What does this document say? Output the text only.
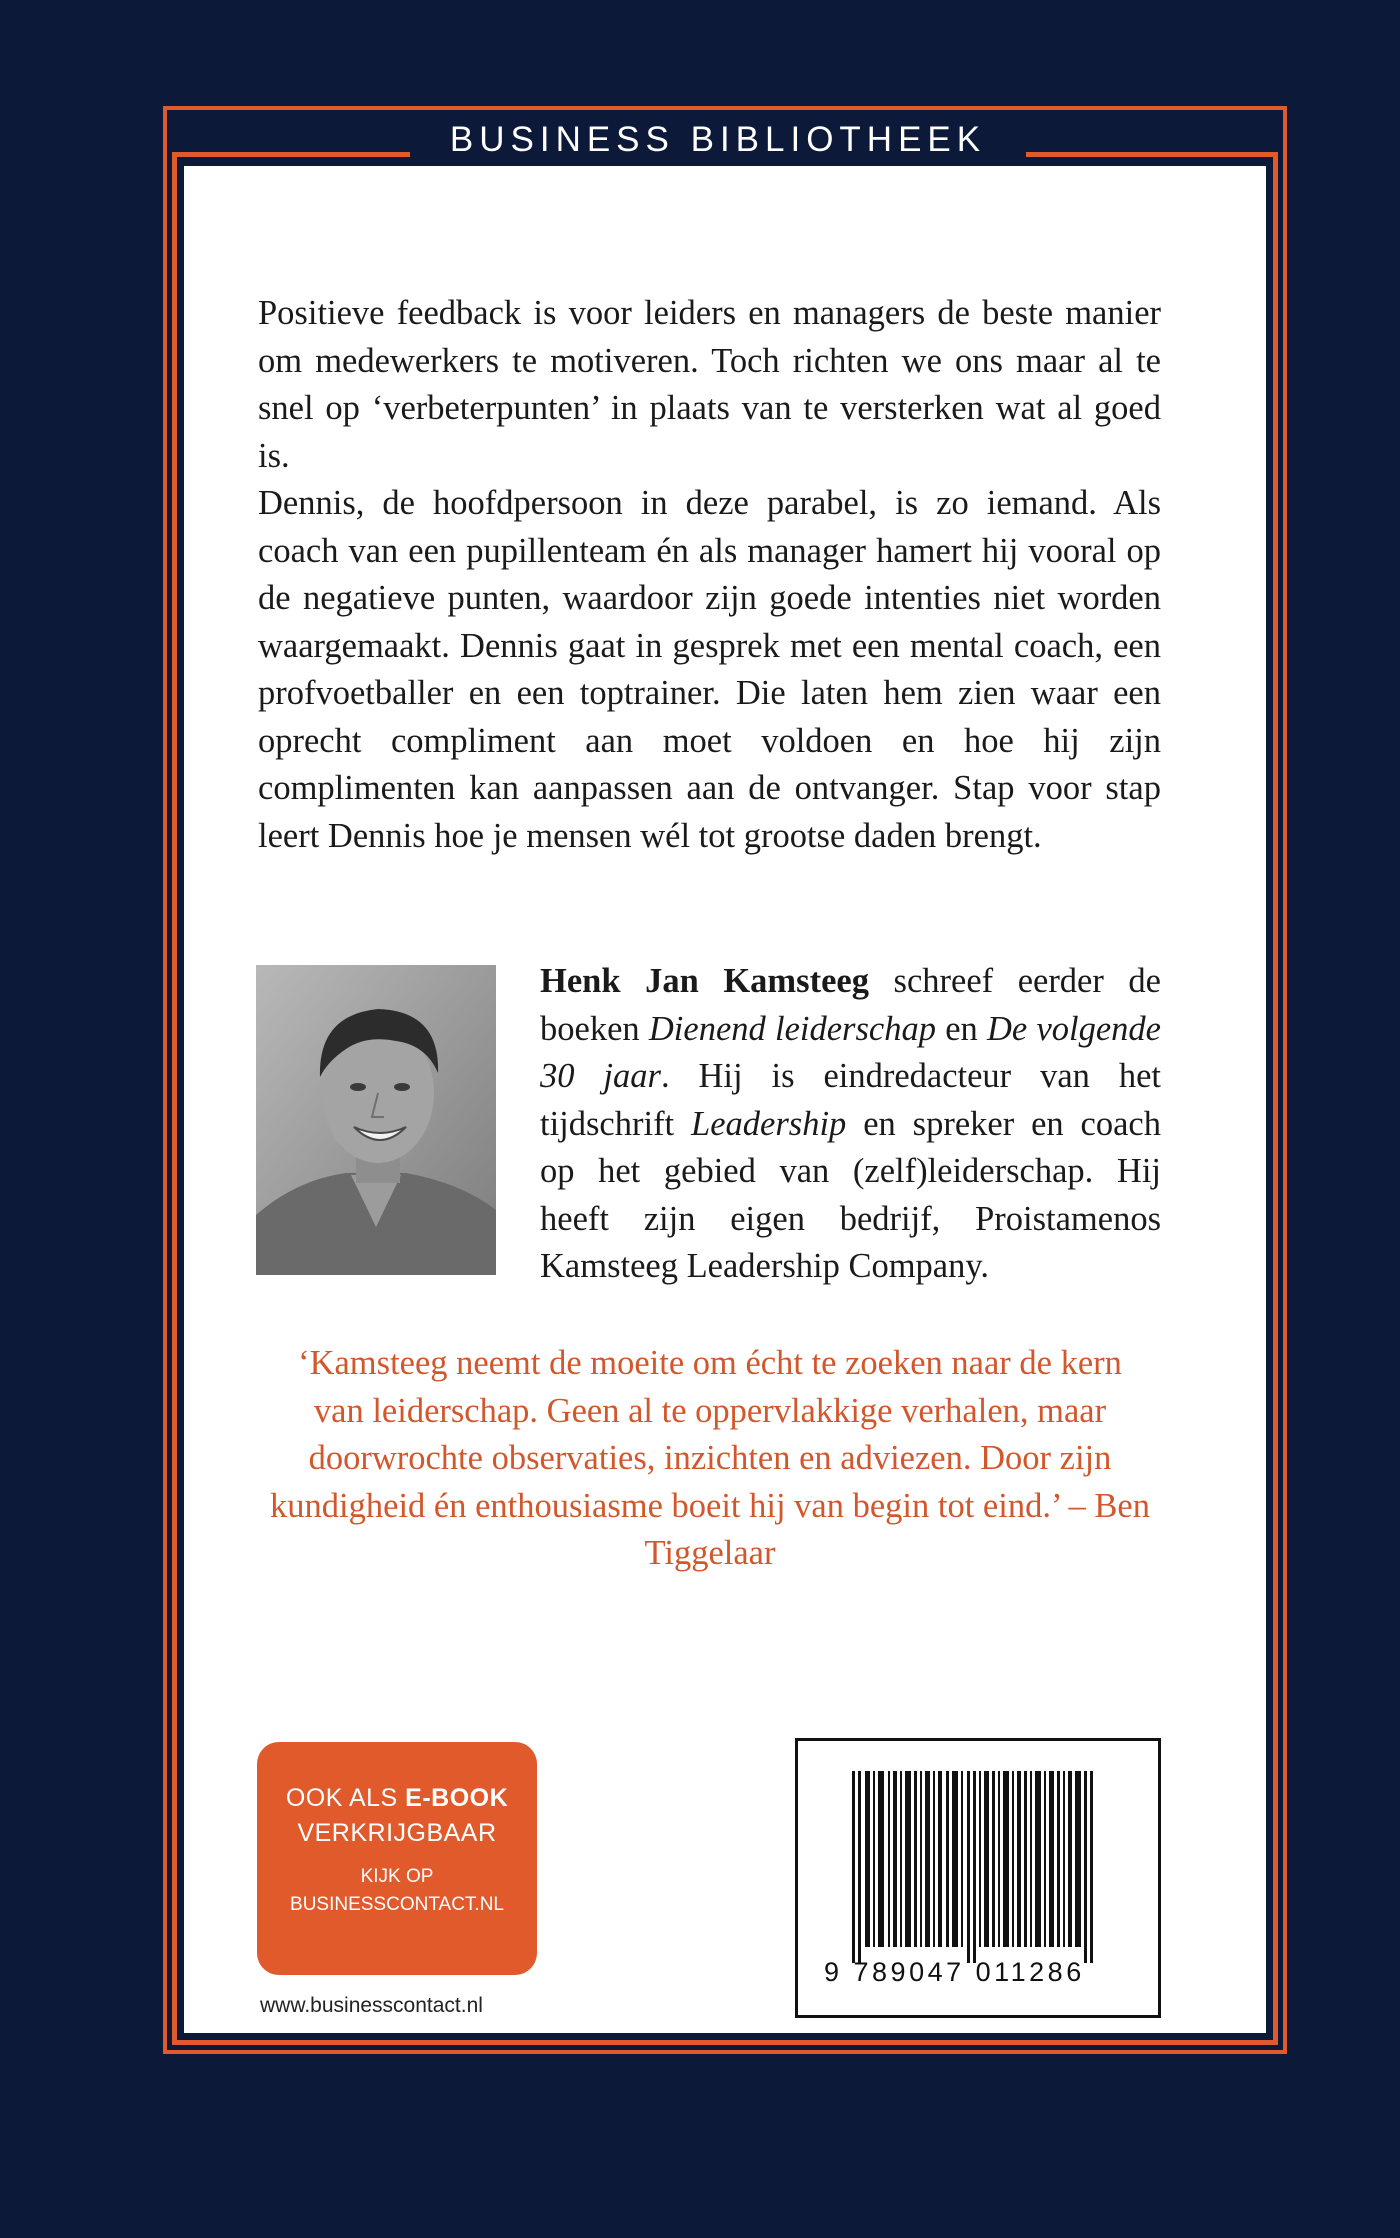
BUSINESS BIBLIOTHEEK

Positieve feedback is voor leiders en managers de beste manier om medewerkers te motiveren. Toch richten we ons maar al te snel op ‘verbeterpunten’ in plaats van te versterken wat al goed is.

Dennis, de hoofdpersoon in deze parabel, is zo iemand. Als coach van een pupillenteam én als manager hamert hij vooral op de negatieve punten, waardoor zijn goede intenties niet worden waargemaakt. Dennis gaat in gesprek met een mental coach, een profvoetballer en een toptrainer. Die laten hem zien waar een oprecht compliment aan moet voldoen en hoe hij zijn complimenten kan aanpassen aan de ontvanger. Stap voor stap leert Dennis hoe je mensen wél tot grootse daden brengt.

Henk Jan Kamsteeg schreef eerder de boeken Dienend leiderschap en De volgende 30 jaar. Hij is eindredacteur van het tijdschrift Leadership en spreker en coach op het gebied van (zelf)leiderschap. Hij heeft zijn eigen bedrijf, Proistamenos Kamsteeg Leadership Company.

‘Kamsteeg neemt de moeite om écht te zoeken naar de kern van leiderschap. Geen al te oppervlakkige verhalen, maar doorwrochte observaties, inzichten en adviezen. Door zijn kundigheid én enthousiasme boeit hij van begin tot eind.’ – Ben Tiggelaar

OOK ALS E-BOOK
VERKRIJGBAAR
KIJK OP
BUSINESSCONTACT.NL
www.businesscontact.nl
9 789047 011286
